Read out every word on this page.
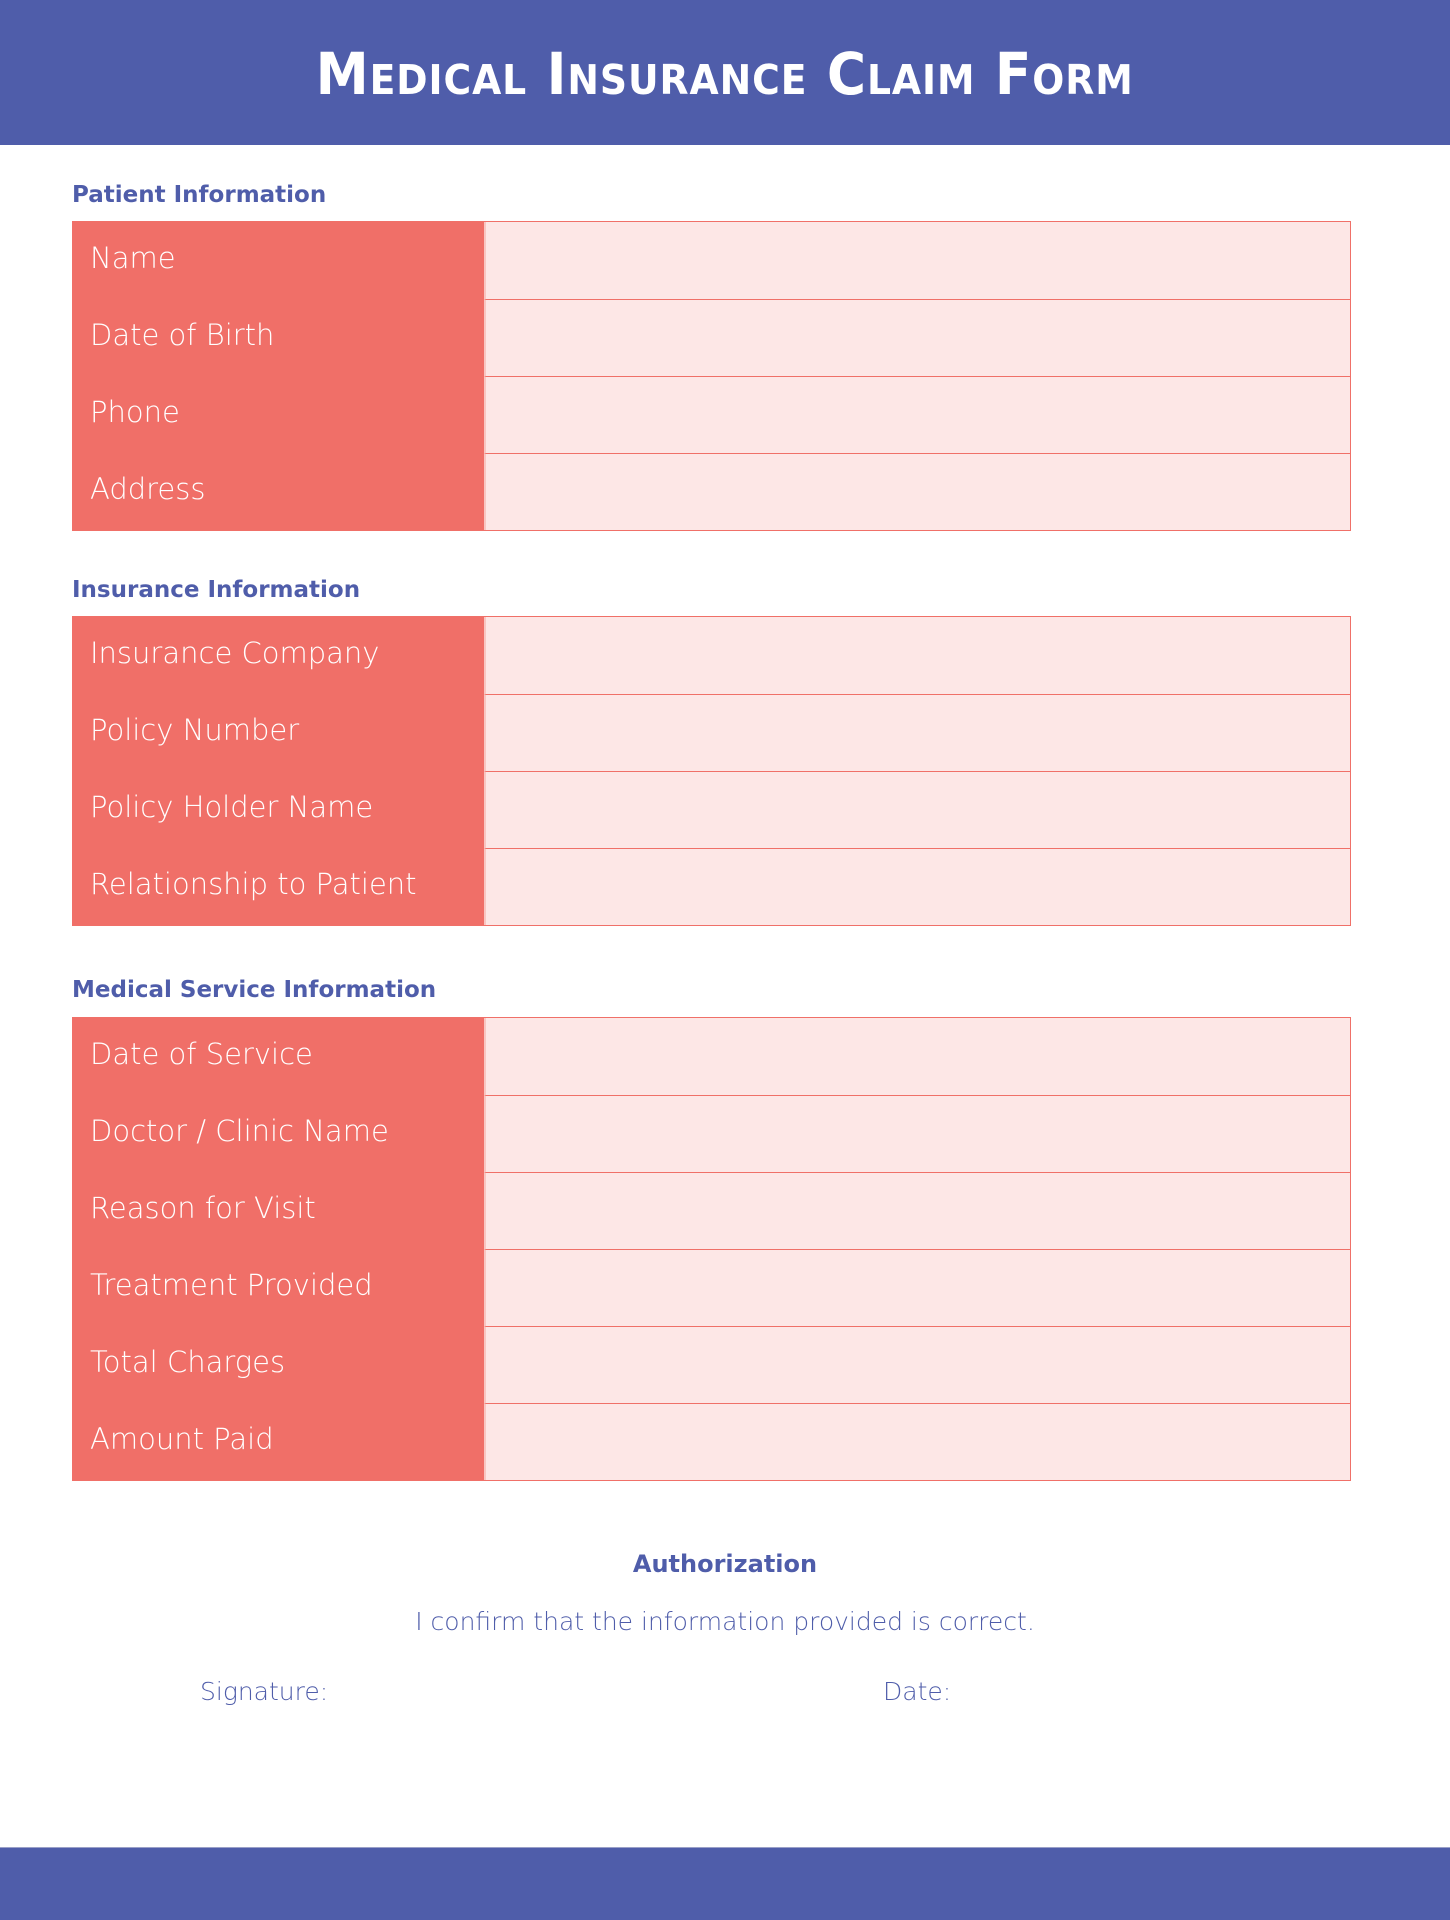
Medical Insurance Claim Form
Patient Information
Name
Date of Birth
Phone
Address
Insurance Information
Insurance Company
Policy Number
Policy Holder Name
Relationship to Patient
Medical Service Information
Date of Service
Doctor / Clinic Name
Reason for Visit
Treatment Provided
Total Charges
Amount Paid
Authorization
I confirm that the information provided is correct.
Signature:	Date:
